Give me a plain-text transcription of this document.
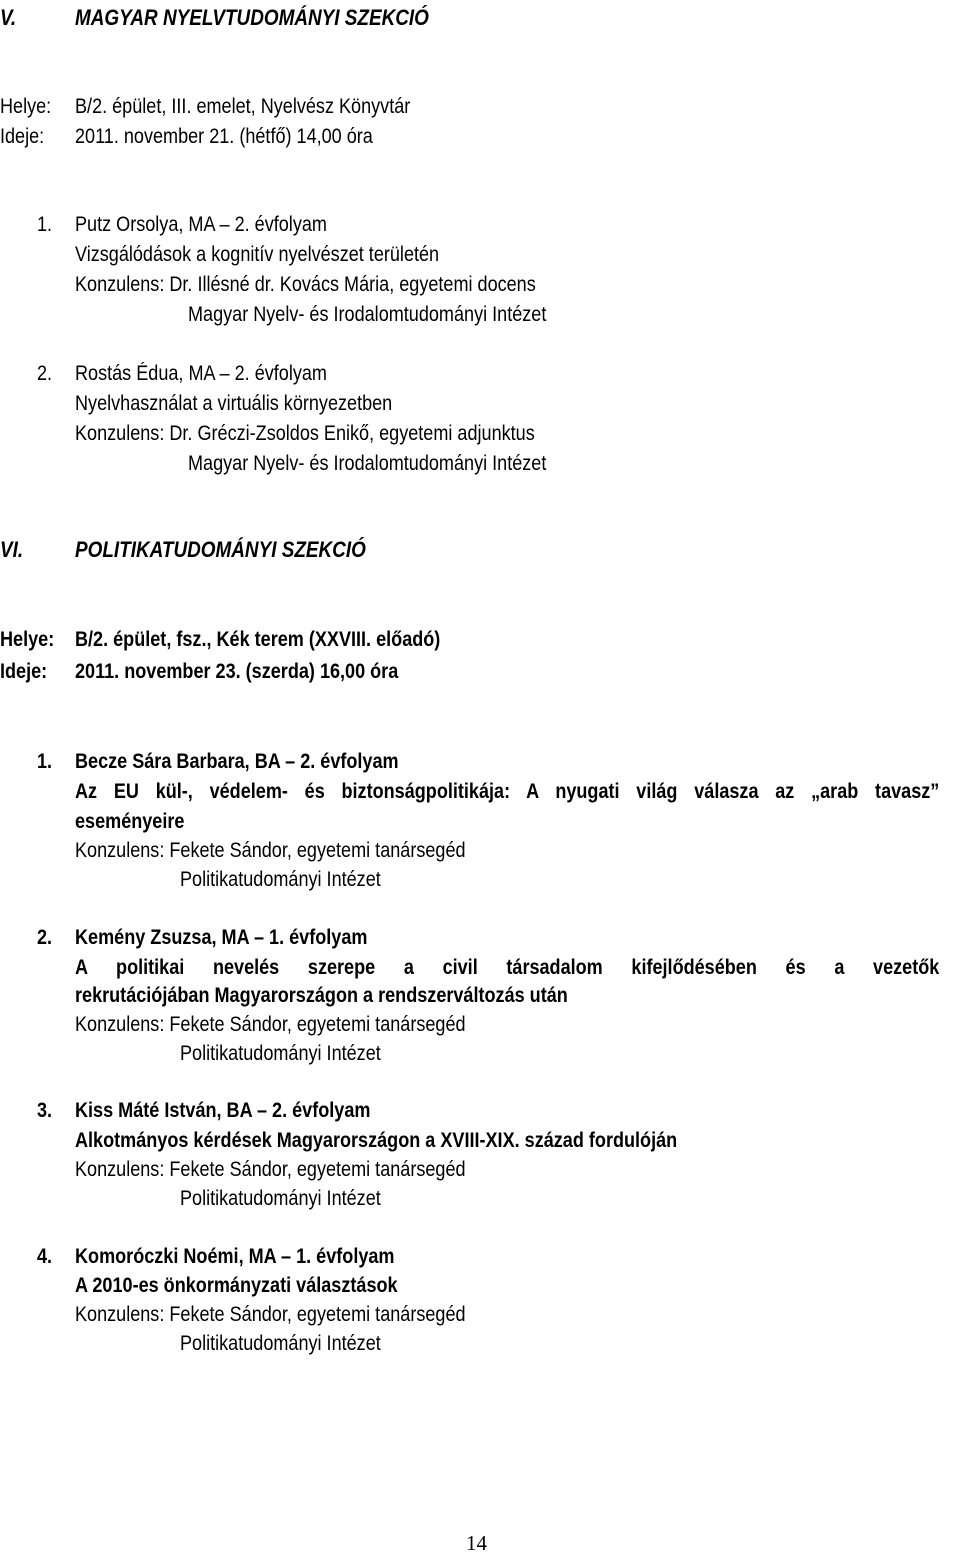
V.	MAGYAR NYELVTUDOMÁNYI SZEKCIÓ
Helye: B/2. épület, III. emelet, Nyelvész Könyvtár
Ideje: 2011. november 21. (hétfő) 14,00 óra
1. Putz Orsolya, MA – 2. évfolyam
Vizsgálódások a kognitív nyelvészet területén
Konzulens: Dr. Illésné dr. Kovács Mária, egyetemi docens
Magyar Nyelv- és Irodalomtudományi Intézet
2. Rostás Édua, MA – 2. évfolyam
Nyelvhasználat a virtuális környezetben
Konzulens: Dr. Gréczi-Zsoldos Enikő, egyetemi adjunktus
Magyar Nyelv- és Irodalomtudományi Intézet
VI. POLITIKATUDOMÁNYI SZEKCIÓ
Helye: B/2. épület, fsz., Kék terem (XXVIII. előadó)
Ideje: 2011. november 23. (szerda) 16,00 óra
1. Becze Sára Barbara, BA – 2. évfolyam
Az EU kül-, védelem- és biztonságpolitikája: A nyugati világ válasza az „arab tavasz”
eseményeire
Konzulens: Fekete Sándor, egyetemi tanársegéd
Politikatudományi Intézet
2. Kemény Zsuzsa, MA – 1. évfolyam
A politikai nevelés szerepe a civil társadalom kifejlődésében és a vezetők
rekrutációjában Magyarországon a rendszerváltozás után
Konzulens: Fekete Sándor, egyetemi tanársegéd
Politikatudományi Intézet
3. Kiss Máté István, BA – 2. évfolyam
Alkotmányos kérdések Magyarországon a XVIII-XIX. század fordulóján
Konzulens: Fekete Sándor, egyetemi tanársegéd
Politikatudományi Intézet
4. Komoróczki Noémi, MA – 1. évfolyam
A 2010-es önkormányzati választások
Konzulens: Fekete Sándor, egyetemi tanársegéd
Politikatudományi Intézet
14
